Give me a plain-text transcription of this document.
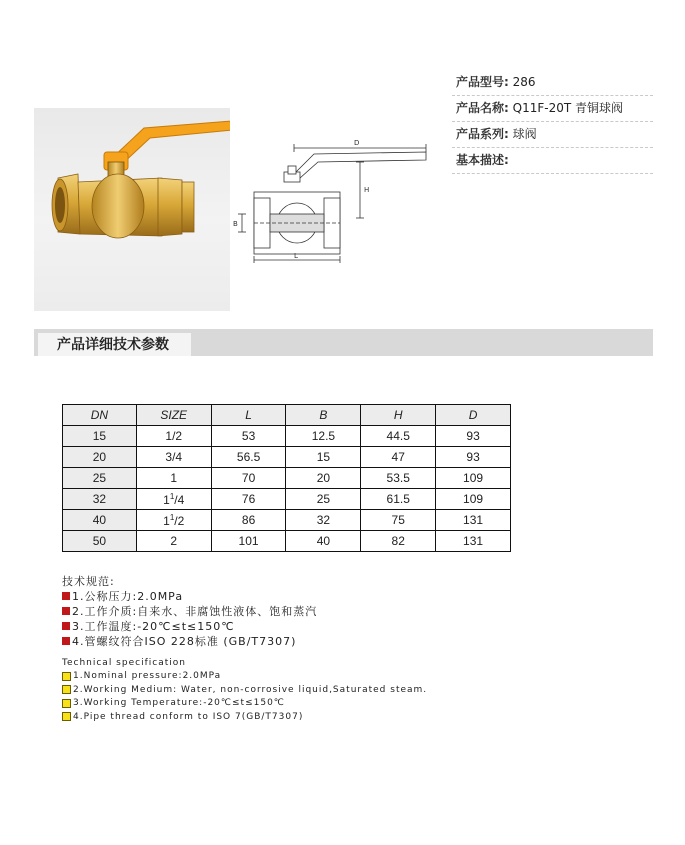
D
H
B
L
产品型号: 286
产品名称: Q11F-20T 青铜球阀
产品系列: 球阀
基本描述:
产品详细技术参数
DN	SIZE	L	B	H	D
15	1/2	53	12.5	44.5	93
20	3/4	56.5	15	47	93
25	1	70	20	53.5	109
32	$1^1/4$	76	25	61.5	109
40	$1^1/2$	86	32	75	131
50	2	101	40	82	131
技术规范:
1.公称压力:2.0MPa
2.工作介质:自来水、非腐蚀性液体、饱和蒸汽
3.工作温度:-20℃≤t≤150℃
4.管螺纹符合ISO 228标准 (GB/T7307)
Technical specification
1.Nominal pressure:2.0MPa
2.Working Medium: Water, non-corrosive liquid,Saturated steam.
3.Working Temperature:-20℃≤t≤150℃
4.Pipe thread conform to ISO 7(GB/T7307)
